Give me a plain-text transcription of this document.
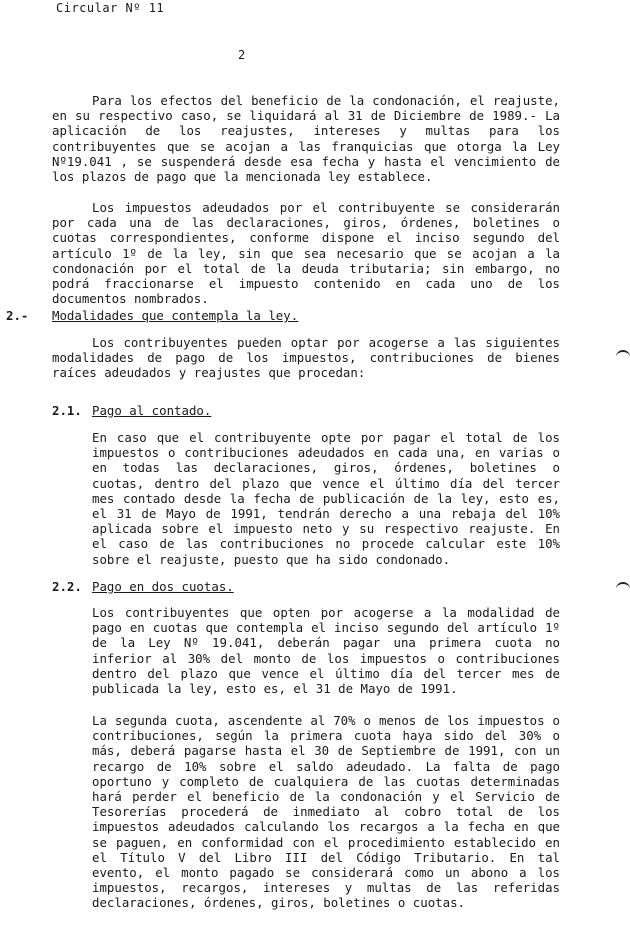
Circular Nº 11
2

Para los efectos del beneficio de la condonación, el reajuste, en su respectivo caso, se liquidará al 31 de Diciembre de 1989.- La aplicación de los reajustes, intereses y multas para los contribuyentes que se acojan a las franquicias que otorga la Ley Nº19.041 , se suspenderá desde esa fecha y hasta el vencimiento de los plazos de pago que la mencionada ley establece.

Los impuestos adeudados por el contribuyente se considerarán por cada una de las declaraciones, giros, órdenes, boletines o cuotas correspondientes, conforme dispone el inciso segundo del artículo 1º de la ley, sin que sea necesario que se acojan a la condonación por el total de la deuda tributaria; sin embargo, no podrá fraccionarse el impuesto contenido en cada uno de los documentos nombrados.

2.- Modalidades que contempla la ley.

Los contribuyentes pueden optar por acogerse a las siguientes modalidades de pago de los impuestos, contribuciones de bienes raíces adeudados y reajustes que procedan:

2.1. Pago al contado.

En caso que el contribuyente opte por pagar el total de los impuestos o contribuciones adeudados en cada una, en varias o en todas las declaraciones, giros, órdenes, boletines o cuotas, dentro del plazo que vence el último día del tercer mes contado desde la fecha de publicación de la ley, esto es, el 31 de Mayo de 1991, tendrán derecho a una rebaja del 10% aplicada sobre el impuesto neto y su respectivo reajuste. En el caso de las contribuciones no procede calcular este 10% sobre el reajuste, puesto que ha sido condonado.

2.2. Pago en dos cuotas.

Los contribuyentes que opten por acogerse a la modalidad de pago en cuotas que contempla el inciso segundo del artículo 1º de la Ley Nº 19.041, deberán pagar una primera cuota no inferior al 30% del monto de los impuestos o contribuciones dentro del plazo que vence el último día del tercer mes de publicada la ley, esto es, el 31 de Mayo de 1991.

La segunda cuota, ascendente al 70% o menos de los impuestos o contribuciones, según la primera cuota haya sido del 30% o más, deberá pagarse hasta el 30 de Septiembre de 1991, con un recargo de 10% sobre el saldo adeudado. La falta de pago oportuno y completo de cualquiera de las cuotas determinadas hará perder el beneficio de la condonación y el Servicio de Tesorerías procederá de inmediato al cobro total de los impuestos adeudados calculando los recargos a la fecha en que se paguen, en conformidad con el procedimiento establecido en el Título V del Libro III del Código Tributario. En tal evento, el monto pagado se considerará como un abono a los impuestos, recargos, intereses y multas de las referidas declaraciones, órdenes, giros, boletines o cuotas.
